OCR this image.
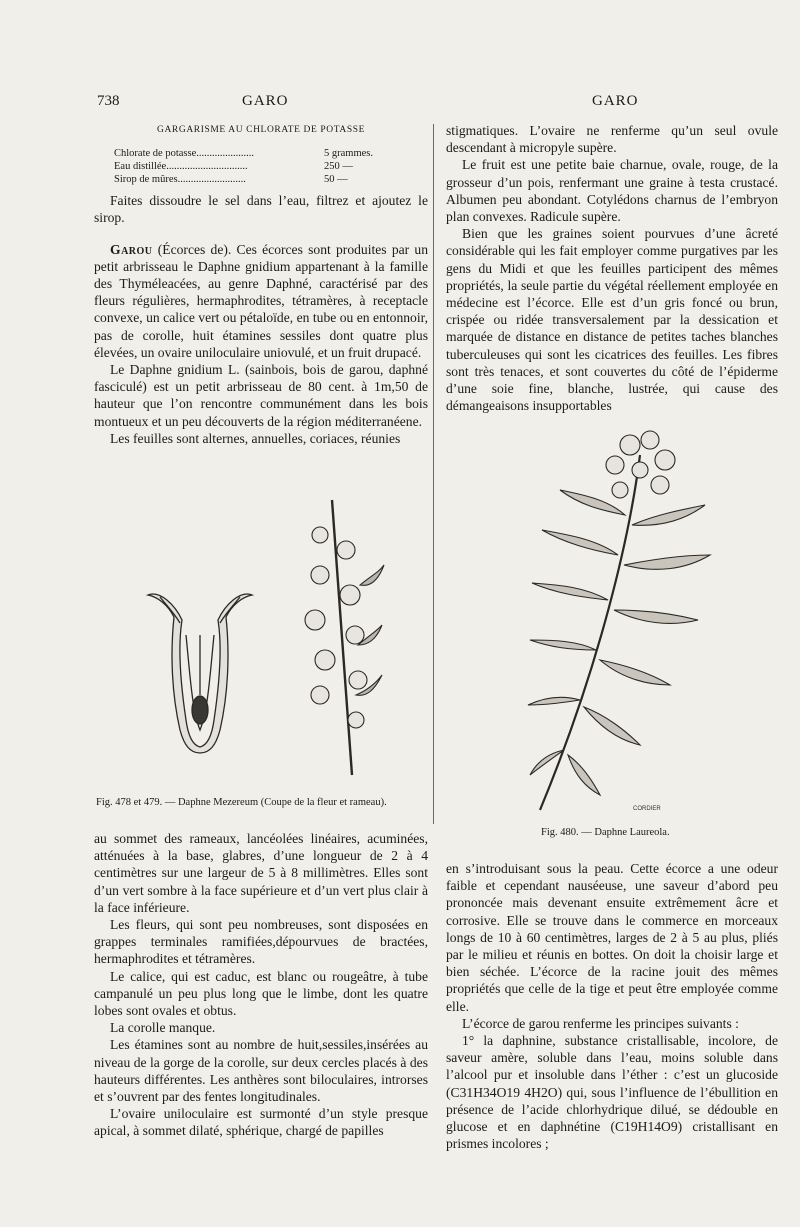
738	GARO	GARO
GARGARISME AU CHLORATE DE POTASSE
Chlorate de potasse......................	5 grammes.
Eau distillée...............................	250 —
Sirop de mûres..........................	50 —

Faites dissoudre le sel dans l’eau, filtrez et ajoutez le sirop.

Garou (Écorces de). Ces écorces sont produites par un petit arbrisseau le Daphne gnidium appartenant à la famille des Thyméleacées, au genre Daphné, caractérisé par des fleurs régulières, hermaphrodites, tétramères, à receptacle convexe, un calice vert ou pétaloïde, en tube ou en entonnoir, pas de corolle, huit étamines sessiles dont quatre plus élevées, un ovaire uniloculaire uniovulé, et un fruit drupacé.

Le Daphne gnidium L. (sainbois, bois de garou, daphné fasciculé) est un petit arbrisseau de 80 cent. à 1m,50 de hauteur que l’on rencontre communément dans les bois montueux et un peu découverts de la région méditerranéene.

Les feuilles sont alternes, annuelles, coriaces, réunies

stigmatiques. L’ovaire ne renferme qu’un seul ovule descendant à micropyle supère.

Le fruit est une petite baie charnue, ovale, rouge, de la grosseur d’un pois, renfermant une graine à testa crustacé. Albumen peu abondant. Cotylédons charnus de l’embryon plan convexes. Radicule supère.

Bien que les graines soient pourvues d’une âcreté considérable qui les fait employer comme purgatives par les gens du Midi et que les feuilles participent des mêmes propriétés, la seule partie du végétal réellement employée en médecine est l’écorce. Elle est d’un gris foncé ou brun, crispée ou ridée transversalement par la dessication et marquée de distance en distance de petites taches blanches tuberculeuses qui sont les cicatrices des feuilles. Les fibres sont très tenaces, et sont couvertes du côté de l’épiderme d’une soie fine, blanche, lustrée, qui cause des démangeaisons insupportables

Fig. 478 et 479. — Daphne Mezereum (Coupe de la fleur et rameau).
CORDIER
Fig. 480. — Daphne Laureola.

au sommet des rameaux, lancéolées linéaires, acuminées, atténuées à la base, glabres, d’une longueur de 2 à 4 centimètres sur une largeur de 5 à 8 millimètres. Elles sont d’un vert sombre à la face supérieure et d’un vert plus clair à la face inférieure.

Les fleurs, qui sont peu nombreuses, sont disposées en grappes terminales ramifiées,dépourvues de bractées, hermaphrodites et tétramères.

Le calice, qui est caduc, est blanc ou rougeâtre, à tube campanulé un peu plus long que le limbe, dont les quatre lobes sont ovales et obtus.

La corolle manque.

Les étamines sont au nombre de huit,sessiles,insérées au niveau de la gorge de la corolle, sur deux cercles placés à des hauteurs différentes. Les anthères sont biloculaires, introrses et s’ouvrent par des fentes longitudinales.

L’ovaire uniloculaire est surmonté d’un style presque apical, à sommet dilaté, sphérique, chargé de papilles

en s’introduisant sous la peau. Cette écorce a une odeur faible et cependant nauséeuse, une saveur d’abord peu prononcée mais devenant ensuite extrêmement âcre et corrosive. Elle se trouve dans le commerce en morceaux longs de 10 à 60 centimètres, larges de 2 à 5 au plus, pliés par le milieu et réunis en bottes. On doit la choisir large et bien séchée. L’écorce de la racine jouit des mêmes propriétés que celle de la tige et peut être employée comme elle.

L’écorce de garou renferme les principes suivants :

1° la daphnine, substance cristallisable, incolore, de saveur amère, soluble dans l’eau, moins soluble dans l’alcool pur et insoluble dans l’éther : c’est un glucoside (C31H34O19 4H2O) qui, sous l’influence de l’ébullition en présence de l’acide chlorhydrique dilué, se dédouble en glucose et en daphnétine (C19H14O9) cristallisant en prismes incolores ;
